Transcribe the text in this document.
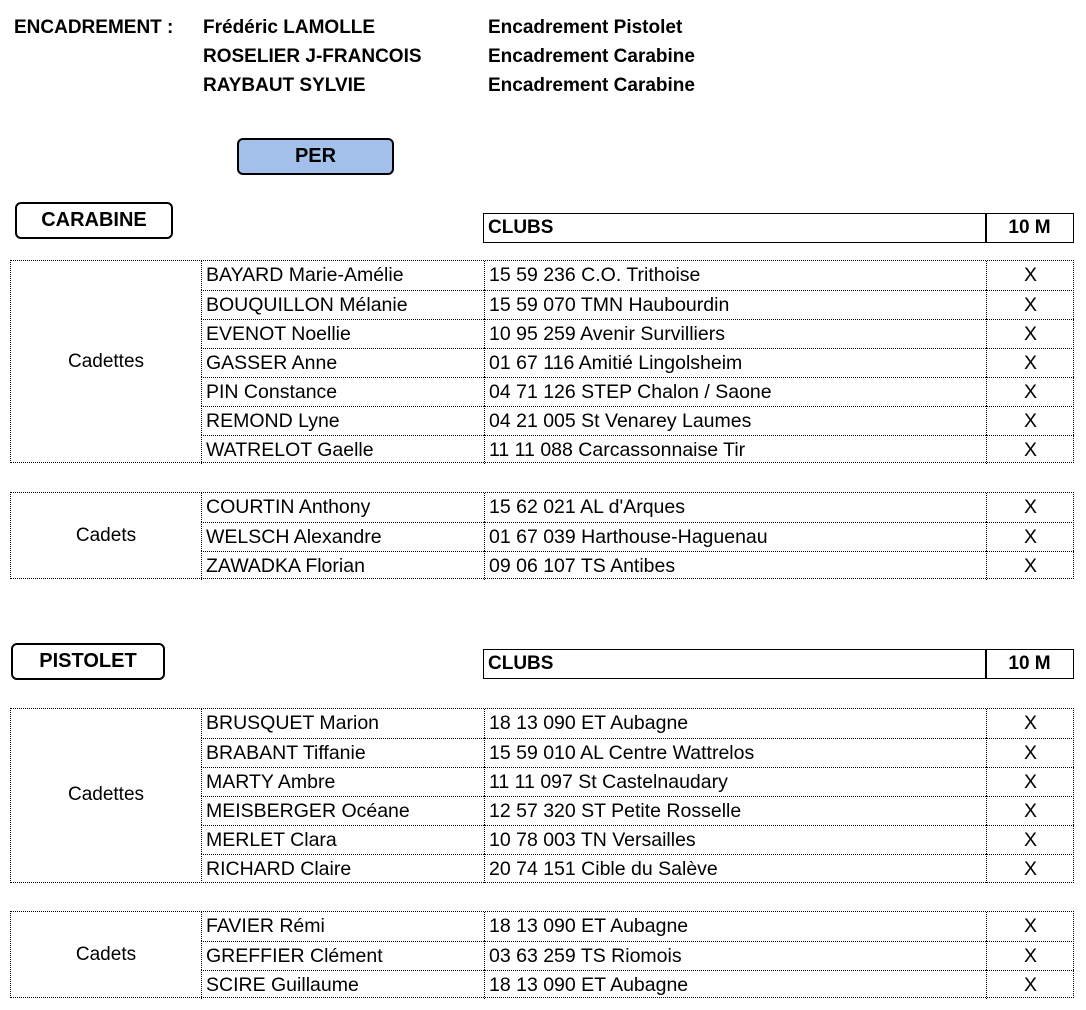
ENCADREMENT : Frédéric LAMOLLE	Encadrement Pistolet
ROSELIER J-FRANCOIS	Encadrement Carabine
RAYBAUT SYLVIE	Encadrement Carabine
PER
CARABINE	CLUBS	10 M
Cadettes
BAYARD Marie-Amélie	15 59 236 C.O. Trithoise	X
BOUQUILLON Mélanie	15 59 070 TMN Haubourdin	X
EVENOT Noellie	10 95 259 Avenir Survilliers	X
GASSER Anne	01 67 116 Amitié Lingolsheim	X
PIN Constance	04 71 126 STEP Chalon / Saone	X
REMOND Lyne	04 21 005 St Venarey Laumes	X
WATRELOT Gaelle	11 11 088 Carcassonnaise Tir	X
Cadets
COURTIN Anthony	15 62 021 AL d'Arques	X
WELSCH Alexandre	01 67 039 Harthouse-Haguenau	X
ZAWADKA Florian	09 06 107 TS Antibes	X
PISTOLET	CLUBS	10 M
Cadettes
BRUSQUET Marion	18 13 090 ET Aubagne	X
BRABANT Tiffanie	15 59 010 AL Centre Wattrelos	X
MARTY Ambre	11 11 097 St Castelnaudary	X
MEISBERGER Océane	12 57 320 ST Petite Rosselle	X
MERLET Clara	10 78 003 TN Versailles	X
RICHARD Claire	20 74 151 Cible du Salève	X
Cadets
FAVIER Rémi	18 13 090 ET Aubagne	X
GREFFIER Clément	03 63 259 TS Riomois	X
SCIRE Guillaume	18 13 090 ET Aubagne	X
